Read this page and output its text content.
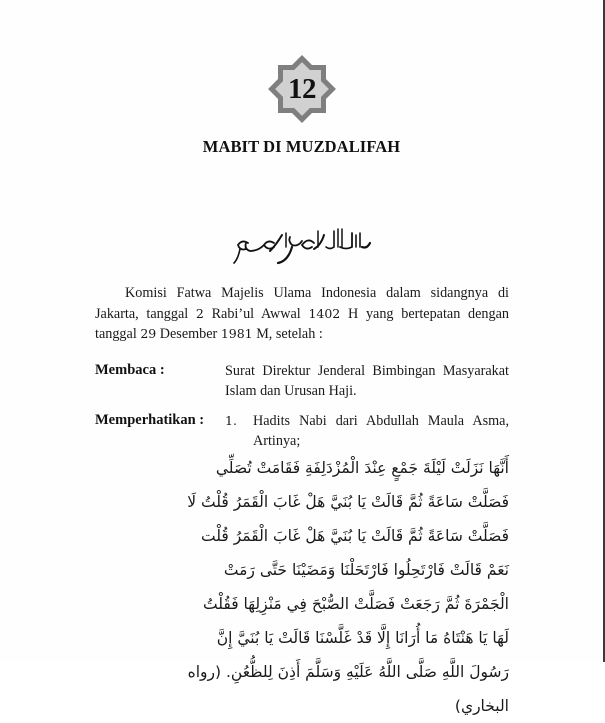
12
MABIT DI MUZDALIFAH
Komisi Fatwa Majelis Ulama Indonesia dalam sidangnya di Jakarta, tanggal 2 Rabi’ul Awwal 1402 H yang bertepatan dengan tanggal 29 Desember 1981 M, setelah :
Membaca :	Surat Direktur Jenderal Bimbingan Masyarakat Islam dan Urusan Haji.
Memperhatikan : 1. Hadits Nabi dari Abdullah Maula Asma, Artinya;
أَنَّهَا نَزَلَتْ لَيْلَةَ جَمْعٍ عِنْدَ الْمُزْدَلِفَةِ فَقَامَتْ تُصَلِّي
فَصَلَّتْ سَاعَةً ثُمَّ قَالَتْ يَا بُنَيَّ هَلْ غَابَ الْقَمَرُ قُلْتُ لَا
فَصَلَّتْ سَاعَةً ثُمَّ قَالَتْ يَا بُنَيَّ هَلْ غَابَ الْقَمَرُ قُلْت
نَعَمْ قَالَتْ فَارْتَحِلُوا فَارْتَحَلْنَا وَمَضَيْنَا حَتَّى رَمَتْ
الْجَمْرَةَ ثُمَّ رَجَعَتْ فَصَلَّتْ الصُّبْحَ فِي مَنْزِلِهَا فَقُلْتُ
لَهَا يَا هَنْتَاهُ مَا أُرَانَا إِلَّا قَدْ غَلَّسْنَا قَالَتْ يَا بُنَيَّ إِنَّ
رَسُولَ اللَّهِ صَلَّى اللَّهُ عَلَيْهِ وَسَلَّمَ أَذِنَ لِلظُّعُنِ. (رواه
البخاري)
